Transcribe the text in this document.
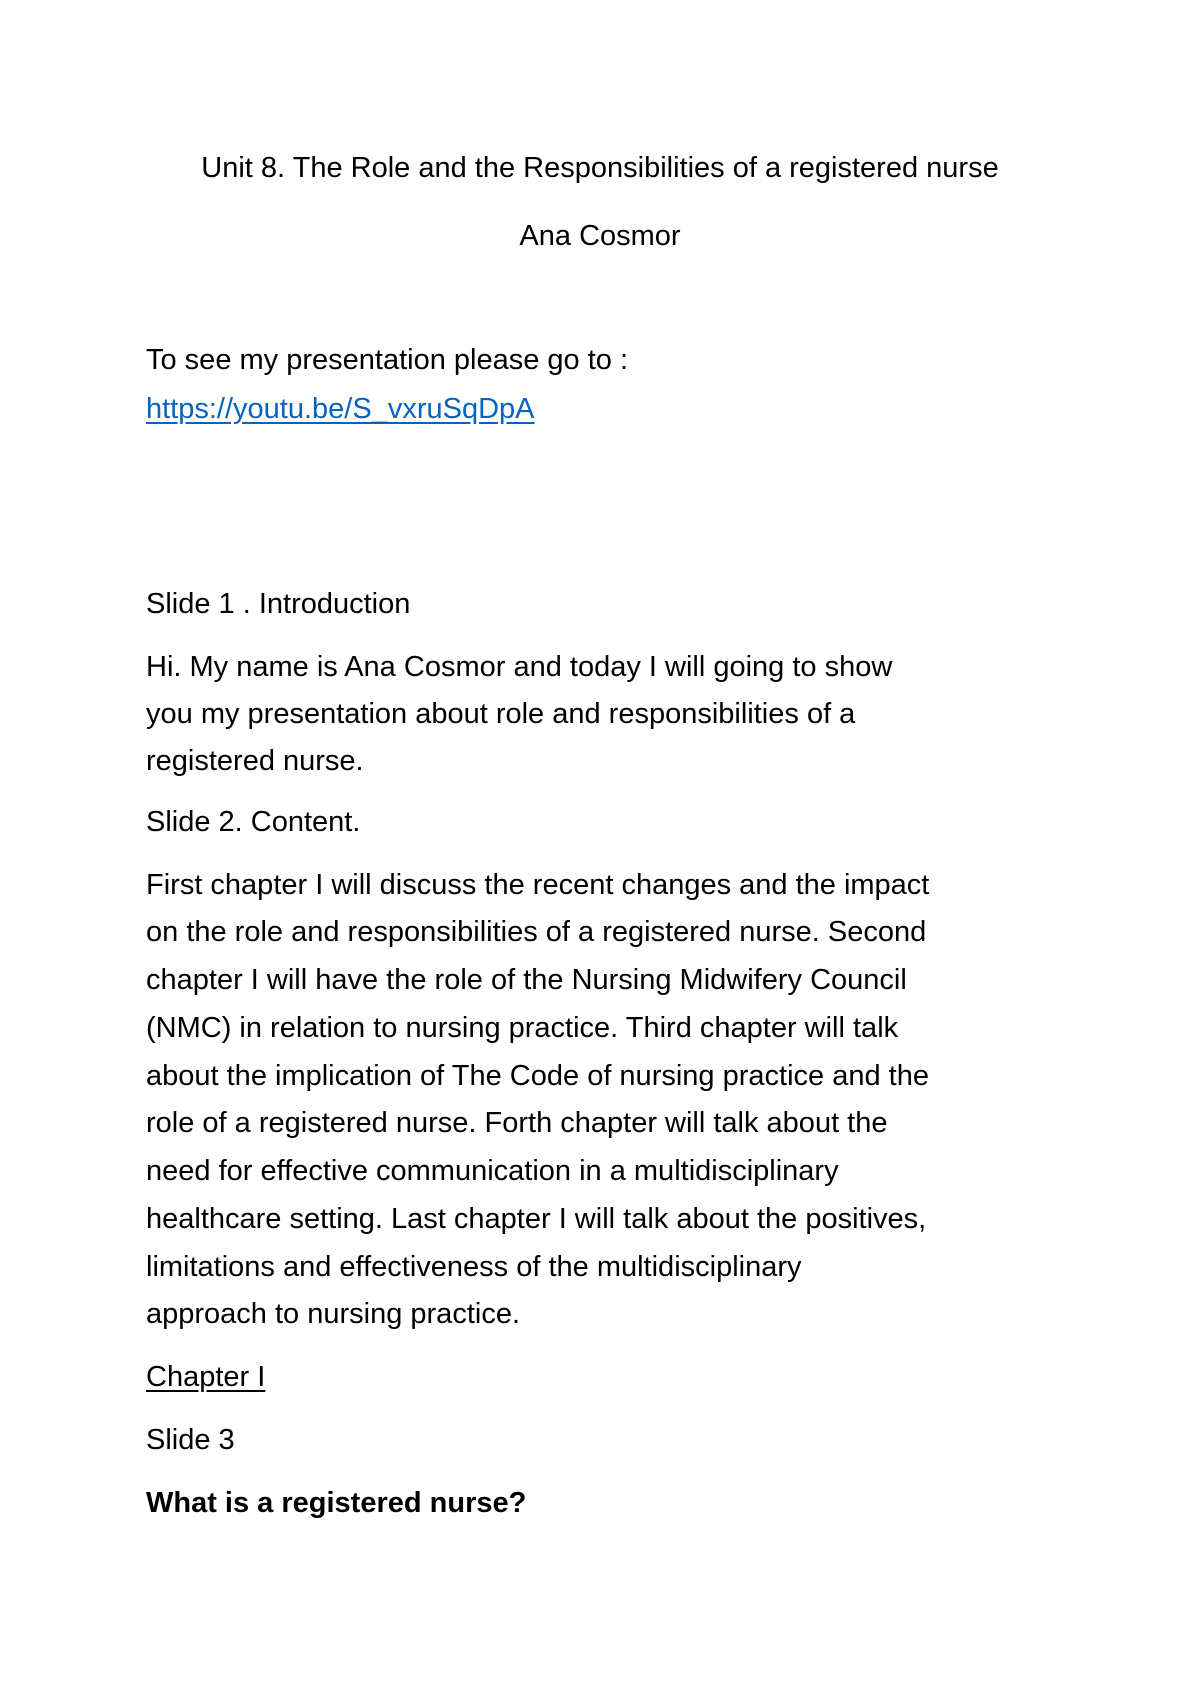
Unit 8. The Role and the Responsibilities of a registered nurse

Ana Cosmor

To see my presentation please go to :

https://youtu.be/S_vxruSqDpA

Slide 1 . Introduction

Hi. My name is Ana Cosmor and today I will going to show

you my presentation about role and responsibilities of a

registered nurse.

Slide 2. Content.

First chapter I will discuss the recent changes and the impact

on the role and responsibilities of a registered nurse. Second

chapter I will have the role of the Nursing Midwifery Council

(NMC) in relation to nursing practice. Third chapter will talk

about the implication of The Code of nursing practice and the

role of a registered nurse. Forth chapter will talk about the

need for effective communication in a multidisciplinary

healthcare setting. Last chapter I will talk about the positives,

limitations and effectiveness of the multidisciplinary

approach to nursing practice.

Chapter I

Slide 3

What is a registered nurse?
